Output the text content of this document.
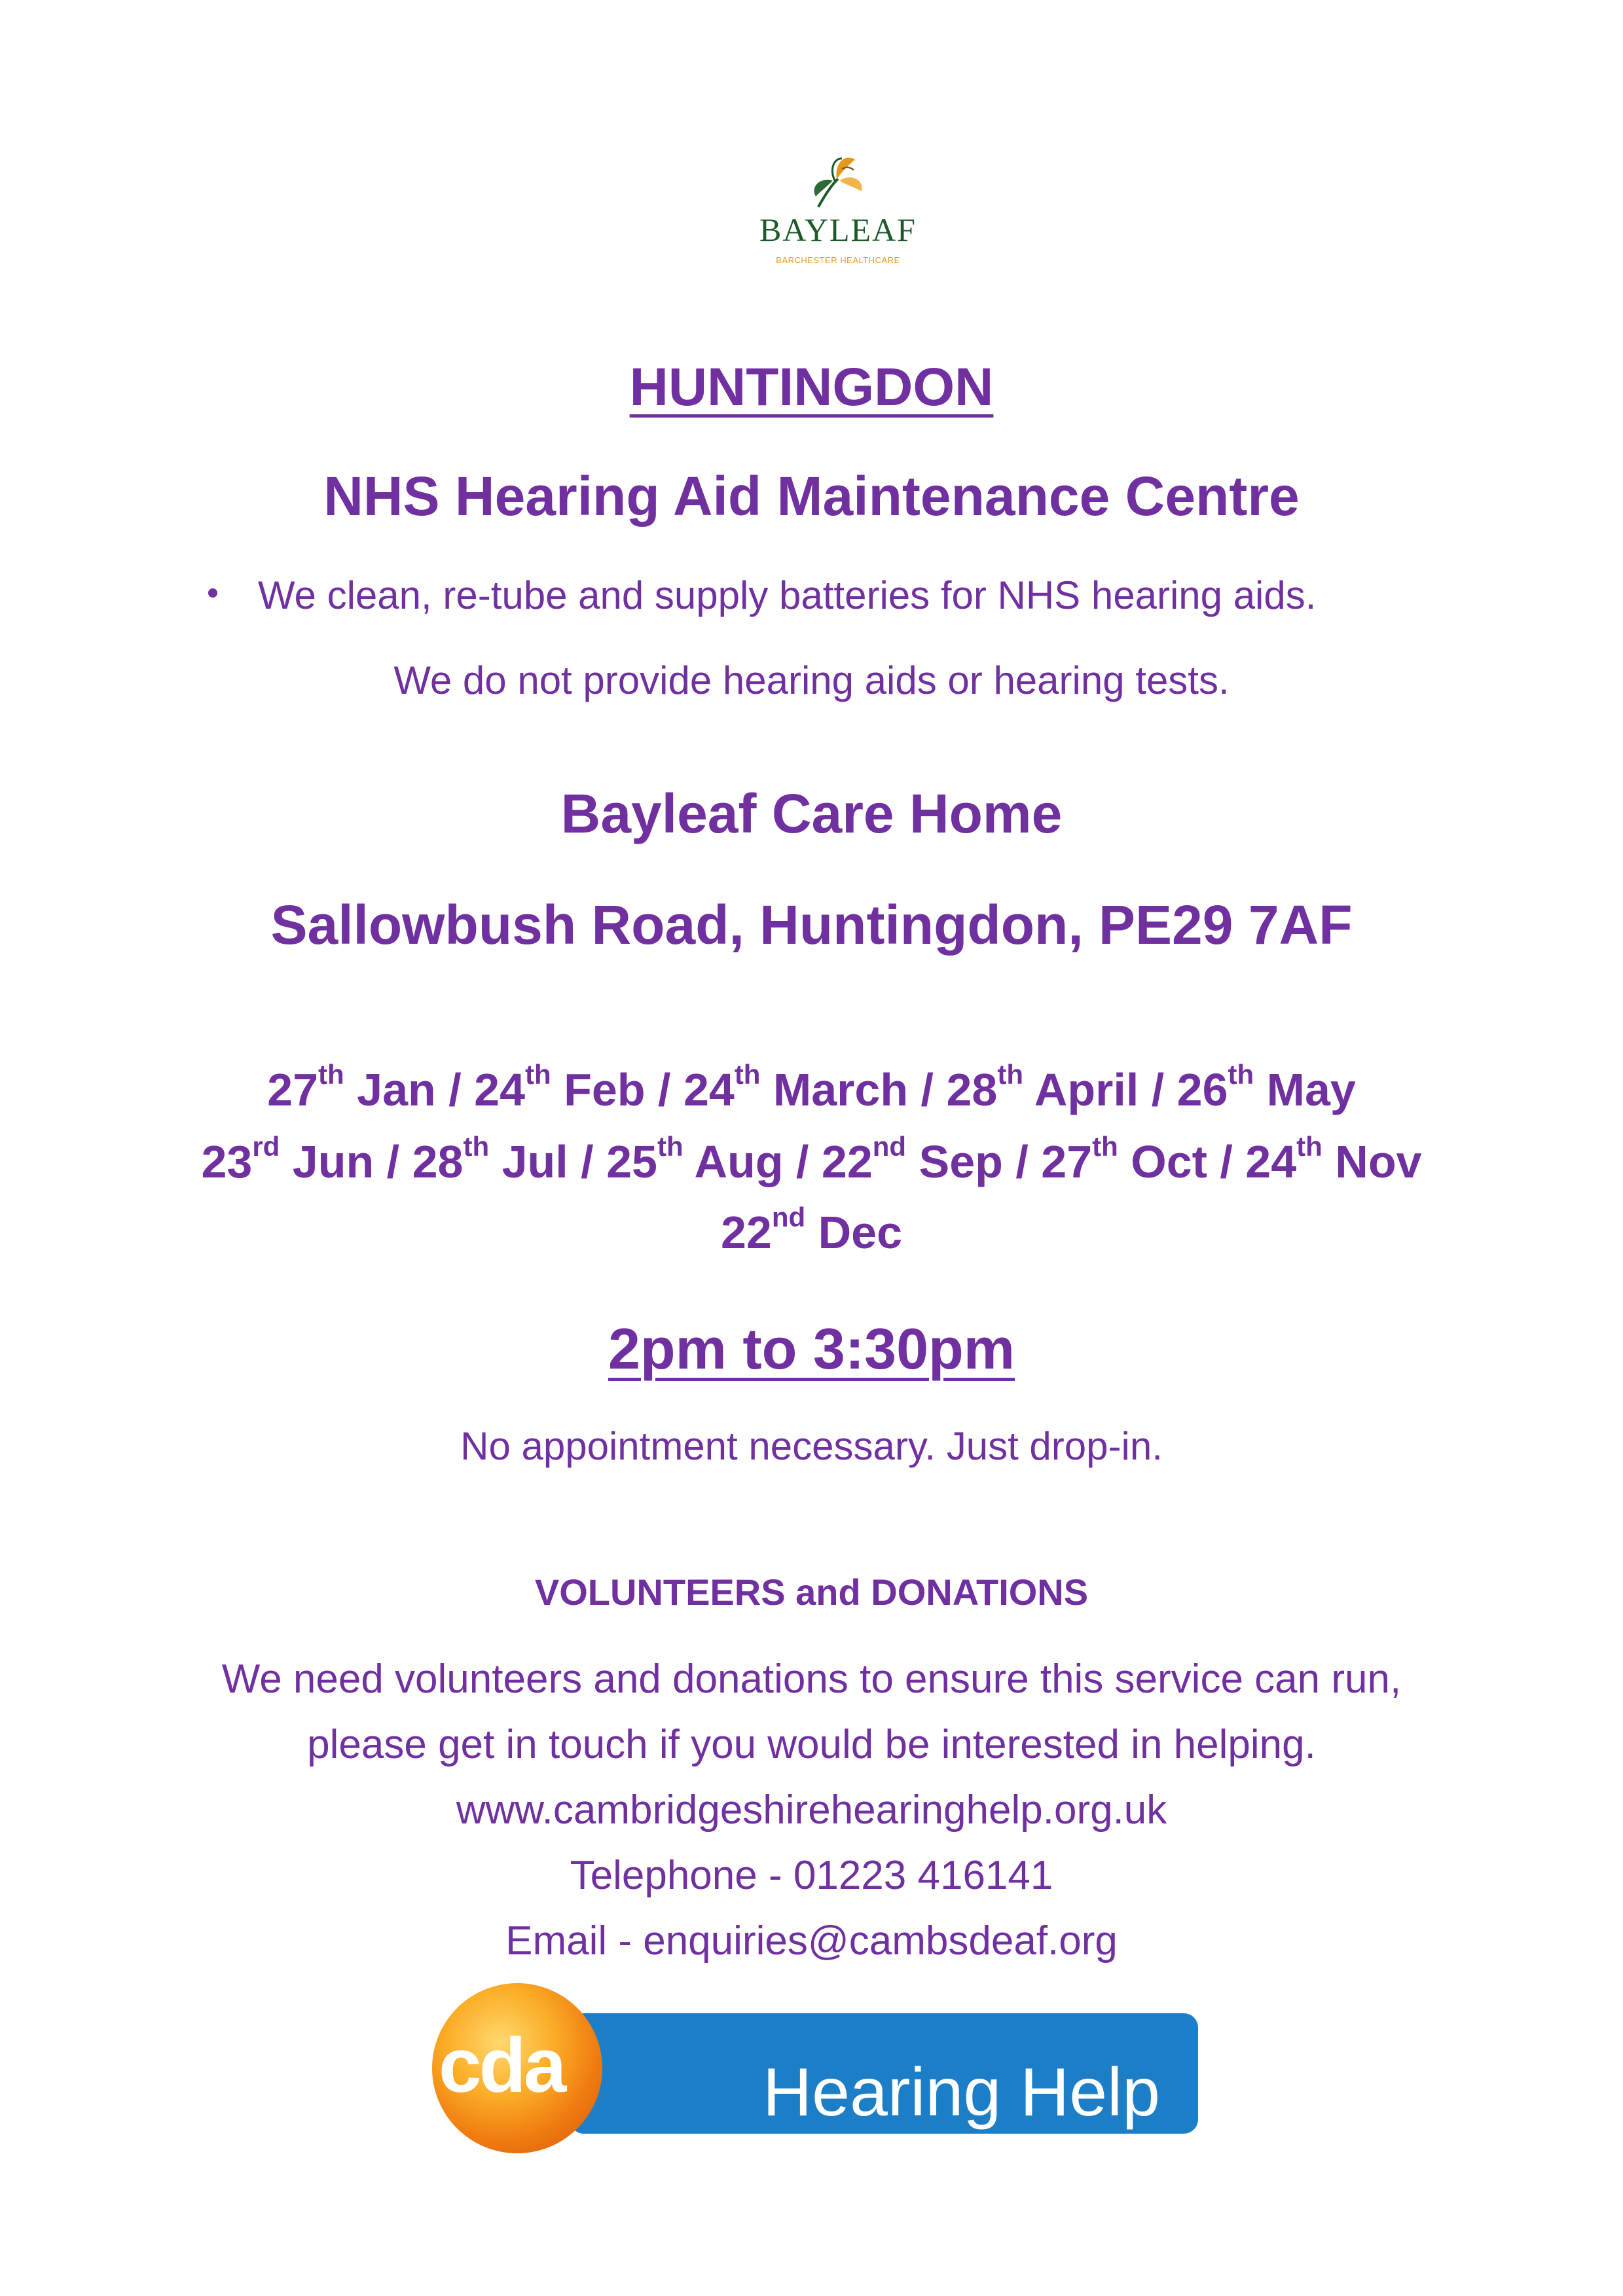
BAYLEAF
BARCHESTER HEALTHCARE
HUNTINGDON
NHS Hearing Aid Maintenance Centre
We clean, re-tube and supply batteries for NHS hearing aids.
We do not provide hearing aids or hearing tests.
Bayleaf Care Home
Sallowbush Road, Huntingdon, PE29 7AF
27th Jan / 24th Feb / 24th March / 28th April / 26th May
23rd Jun / 28th Jul / 25th Aug / 22nd Sep / 27th Oct / 24th Nov
22nd Dec
2pm to 3:30pm
No appointment necessary. Just drop-in.
VOLUNTEERS and DONATIONS
We need volunteers and donations to ensure this service can run,
please get in touch if you would be interested in helping.
www.cambridgeshirehearinghelp.org.uk
Telephone - 01223 416141
Email - enquiries@cambsdeaf.org
Hearing Help
cda
